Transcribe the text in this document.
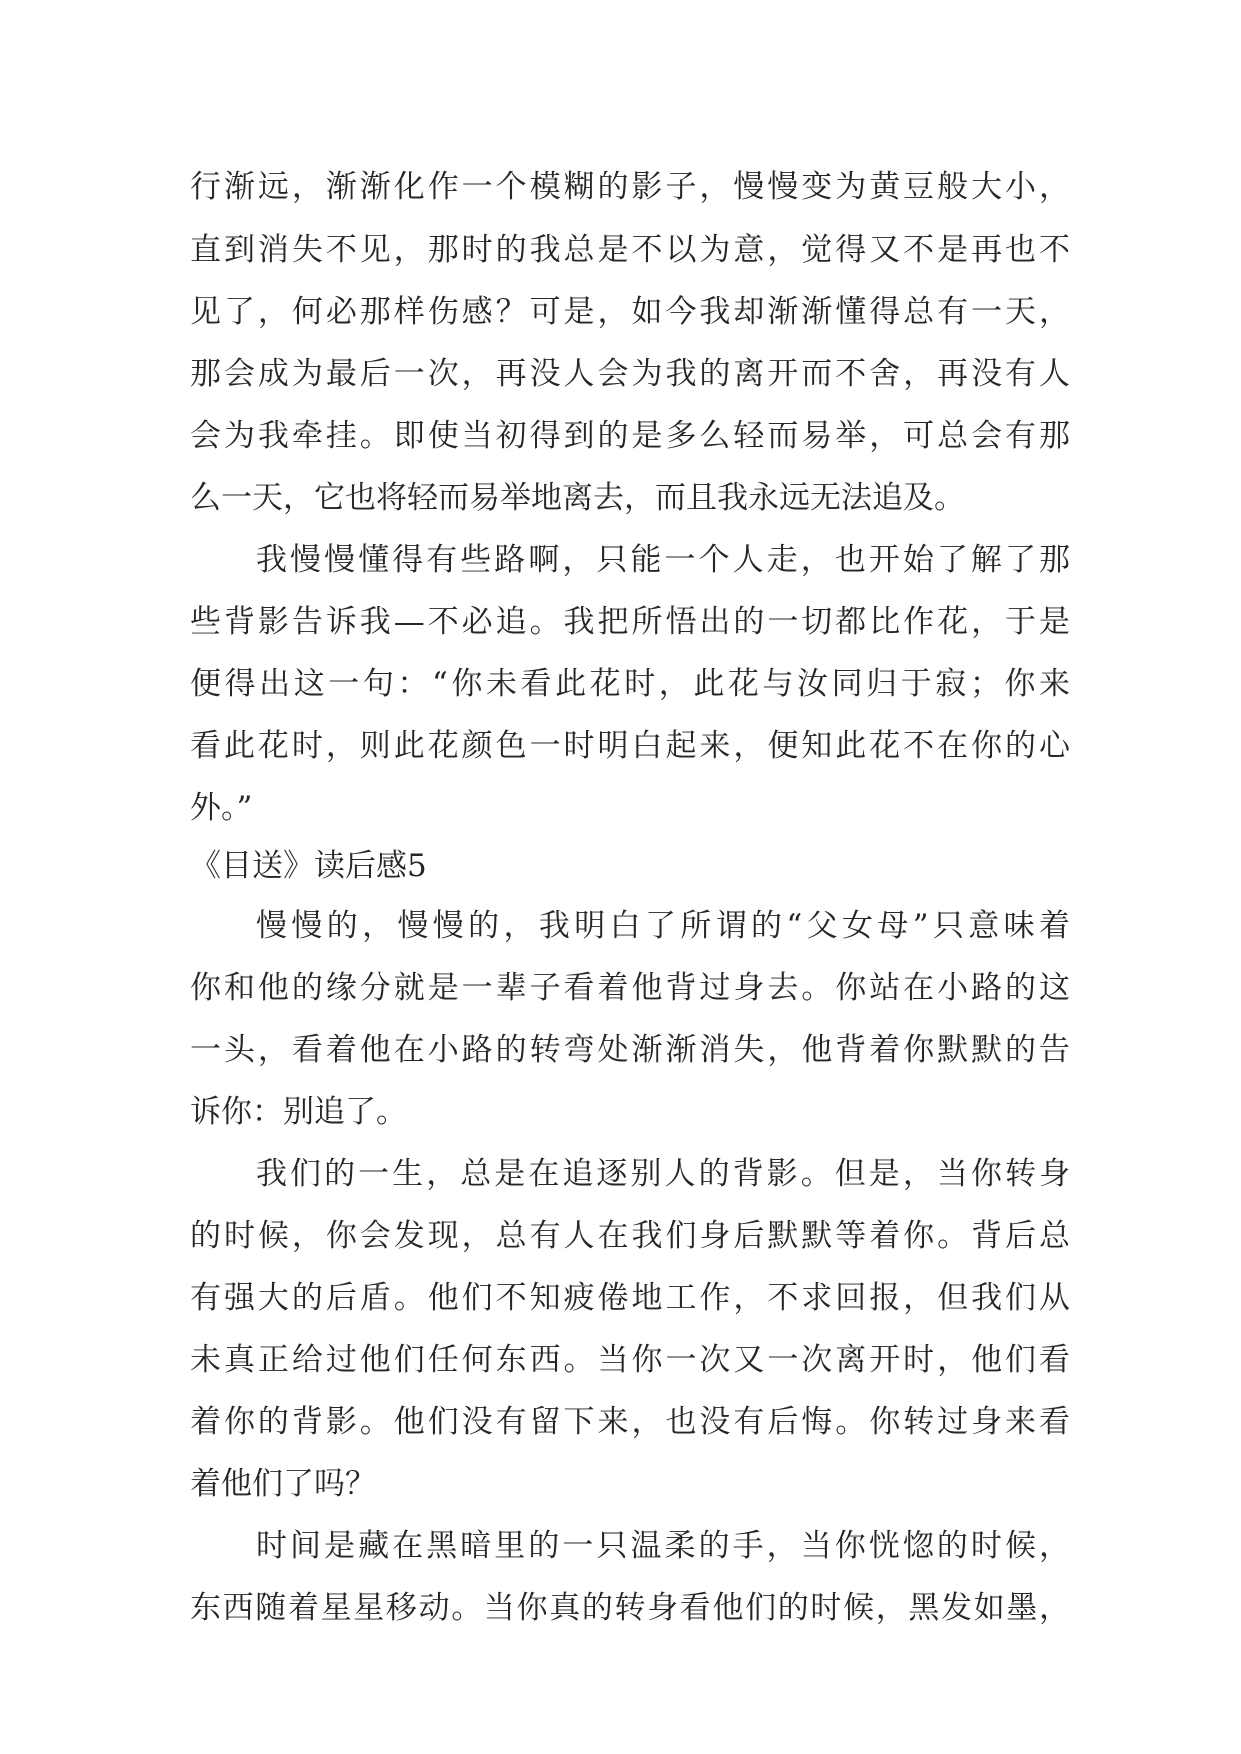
行渐远，渐渐化作一个模糊的影子，慢慢变为黄豆般大小，
直到消失不见，那时的我总是不以为意，觉得又不是再也不
见了，何必那样伤感？可是，如今我却渐渐懂得总有一天，
那会成为最后一次，再没人会为我的离开而不舍，再没有人
会为我牵挂。即使当初得到的是多么轻而易举，可总会有那
么一天，它也将轻而易举地离去，而且我永远无法追及。
我慢慢懂得有些路啊，只能一个人走，也开始了解了那
些背影告诉我—不必追。我把所悟出的一切都比作花，于是
便得出这一句：“你未看此花时，此花与汝同归于寂；你来
看此花时，则此花颜色一时明白起来，便知此花不在你的心
外。”
《目送》读后感5
慢慢的，慢慢的，我明白了所谓的“父女母”只意味着
你和他的缘分就是一辈子看着他背过身去。你站在小路的这
一头，看着他在小路的转弯处渐渐消失，他背着你默默的告
诉你：别追了。
我们的一生，总是在追逐别人的背影。但是，当你转身
的时候，你会发现，总有人在我们身后默默等着你。背后总
有强大的后盾。他们不知疲倦地工作，不求回报，但我们从
未真正给过他们任何东西。当你一次又一次离开时，他们看
着你的背影。他们没有留下来，也没有后悔。你转过身来看
着他们了吗？
时间是藏在黑暗里的一只温柔的手，当你恍惚的时候，
东西随着星星移动。当你真的转身看他们的时候，黑发如墨，
